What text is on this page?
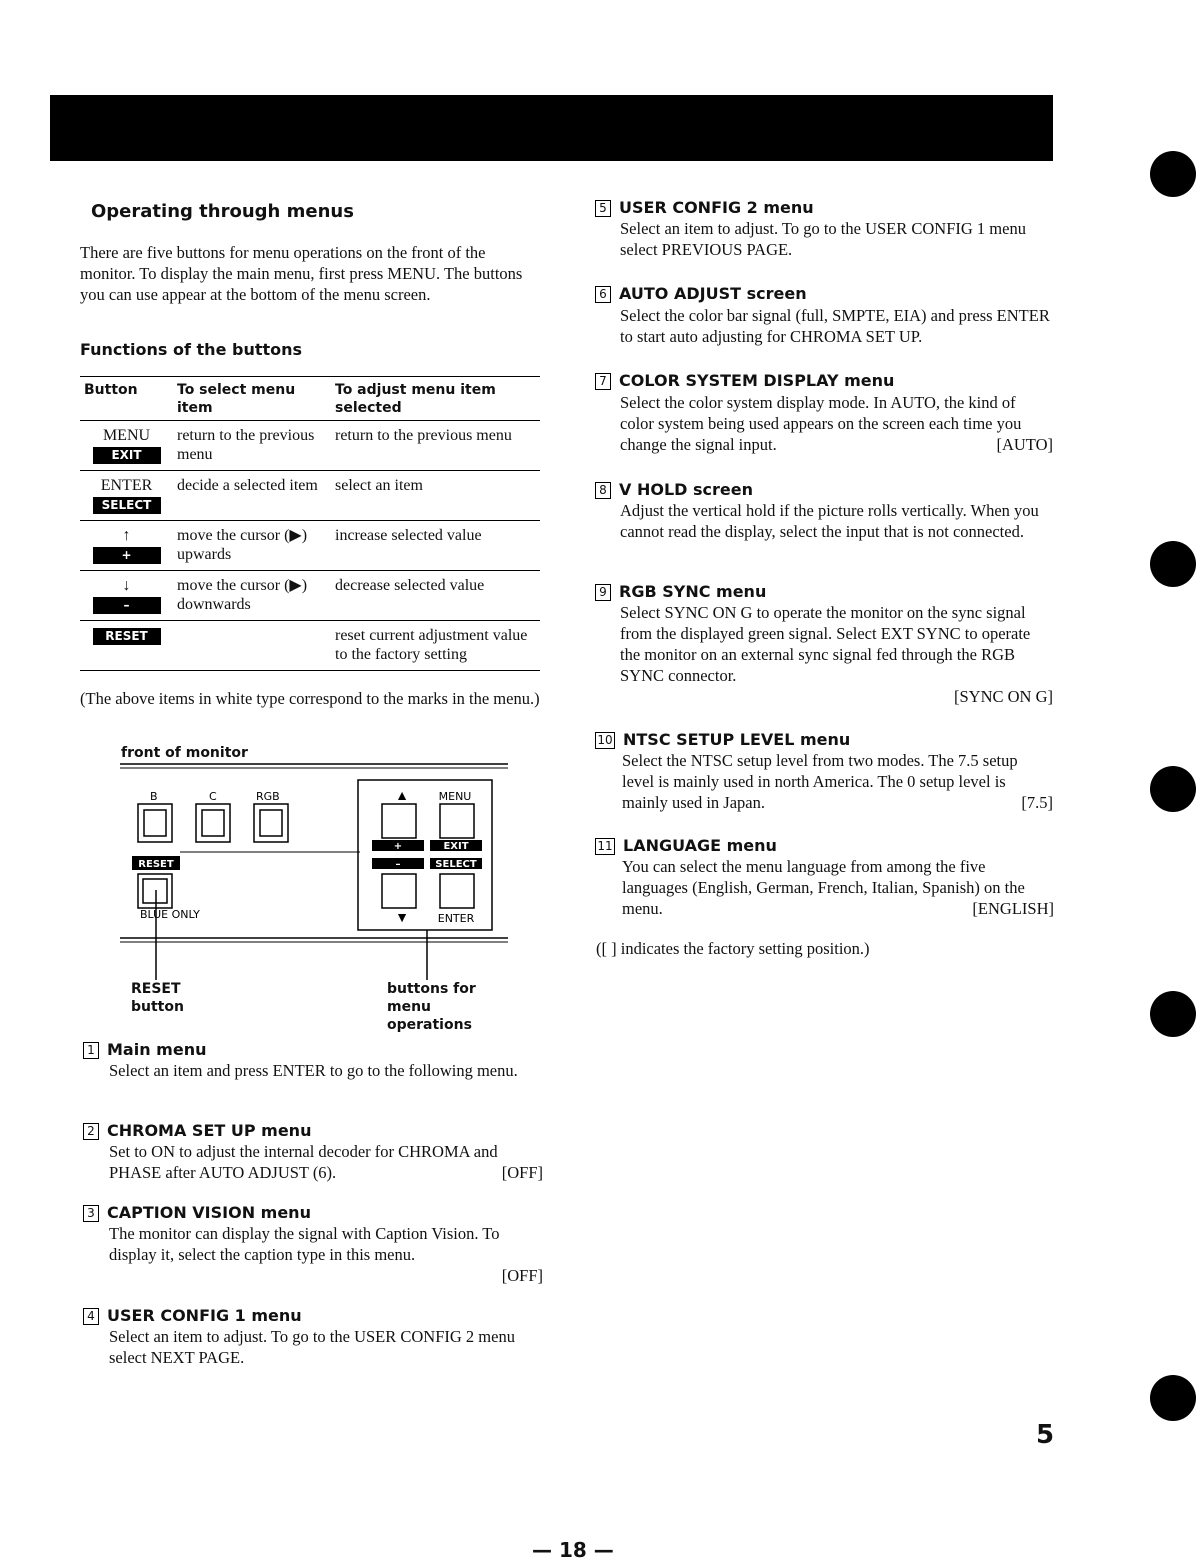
Operating through menus
There are five buttons for menu operations on the front of the monitor. To display the main menu, first press MENU. The buttons you can use appear at the bottom of the menu screen.
Functions of the buttons
Button	To select menu item	To adjust menu item selected

MENU
EXIT	return to the previous menu	return to the previous menu

ENTER
SELECT	decide a selected item	select an item

↑
+	move the cursor (▶) upwards	increase selected value

↓
–	move the cursor (▶) downwards	decrease selected value
RESET		reset current adjustment value to the factory setting
(The above items in white type correspond to the marks in the menu.)
front of monitor
B	C	RGB
RESET
BLUE ONLY
▲	MENU
+	EXIT
–	SELECT
▼	ENTER
RESET button
buttons for menu operations
1 Main menu
Select an item and press ENTER to go to the following menu.
2 CHROMA SET UP menu
Set to ON to adjust the internal decoder for CHROMA and PHASE after AUTO ADJUST (6).	[OFF]
3 CAPTION VISION menu
The monitor can display the signal with Caption Vision. To display it, select the caption type in this menu.
[OFF]
4 USER CONFIG 1 menu
Select an item to adjust. To go to the USER CONFIG 2 menu select NEXT PAGE.
5 USER CONFIG 2 menu
Select an item to adjust. To go to the USER CONFIG 1 menu select PREVIOUS PAGE.
6 AUTO ADJUST screen
Select the color bar signal (full, SMPTE, EIA) and press ENTER to start auto adjusting for CHROMA SET UP.
7 COLOR SYSTEM DISPLAY menu
Select the color system display mode. In AUTO, the kind of color system being used appears on the screen each time you change the signal input.	[AUTO]
8 V HOLD screen
Adjust the vertical hold if the picture rolls vertically. When you cannot read the display, select the input that is not connected.
9 RGB SYNC menu
Select SYNC ON G to operate the monitor on the sync signal from the displayed green signal. Select EXT SYNC to operate the monitor on an external sync signal fed through the RGB SYNC connector.
[SYNC ON G]
10 NTSC SETUP LEVEL menu
Select the NTSC setup level from two modes. The 7.5 setup level is mainly used in north America. The 0 setup level is mainly used in Japan.	[7.5]
11 LANGUAGE menu
You can select the menu language from among the five languages (English, German, French, Italian, Spanish) on the menu.	[ENGLISH]
([ ] indicates the factory setting position.)
5
— 18 —
